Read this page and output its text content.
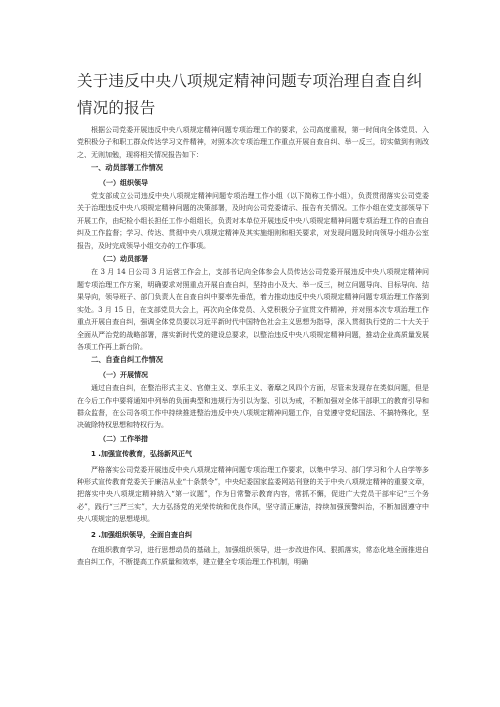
关于违反中央八项规定精神问题专项治理自查自纠情况的报告

根据公司党委开展违反中央八项规定精神问题专项治理工作的要求，公司高度重视，第一时间向全体党员、入党积极分子和职工群众传达学习文件精神，对照本次专项治理工作重点开展自查自纠、举一反三，切实做到有则改之、无则加勉，现将相关情况报告如下：

一、动员部署工作情况
（一）组织领导

党支部成立公司违反中央八项规定精神问题专项治理工作小组（以下简称工作小组），负责贯彻落实公司党委关于治理违反中央八项规定精神问题的决策部署，及时向公司党委请示、报告有关情况。工作小组在党支部领导下开展工作，由纪检小组长担任工作小组组长，负责对本单位开展违反中央八项规定精神问题专项治理工作的自查自纠及工作监督；学习、传达、贯彻中央八项规定精神及其实施细则和相关要求，对发现问题及时向领导小组办公室报告，及时完成领导小组交办的工作事项。

（二）动员部署

在 3 月 14 日公司 3 月运营工作会上，支部书记向全体参会人员传达公司党委开展违反中央八项规定精神问题专项治理工作方案，明确要求对照重点开展自查自纠，坚持由小及大、举一反三，树立问题导向、目标导向、结果导向，领导班子、部门负责人在自查自纠中要率先垂范，着力推动违反中央八项规定精神问题专项治理工作落到实处。3 月 15 日，在支部党员大会上，再次向全体党员、入党积极分子宣贯文件精神，并对照本次专项治理工作重点开展自查自纠，强调全体党员要以习近平新时代中国特色社会主义思想为指导，深入贯彻执行党的二十大关于全面从严治党的战略部署，落实新时代党的建设总要求，以整治违反中央八项规定精神问题，推动企业高质量发展各项工作再上新台阶。

二、自查自纠工作情况
（一）开展情况

通过自查自纠，在整治形式主义、官僚主义、享乐主义、奢靡之风四个方面，尽管未发现存在类似问题，但是在今后工作中要将通知中列举的负面典型和违规行为引以为鉴、引以为戒，不断加强对全体干部职工的教育引导和群众监督，在公司各项工作中持续推进整治违反中央八项规定精神问题工作，自觉遵守党纪国法、不搞特殊化，坚决破除特权思想和特权行为。

（二）工作举措
1 .加强宣传教育，弘扬新风正气

严格落实公司党委开展违反中央八项规定精神问题专项治理工作要求，以集中学习、部门学习和个人自学等多种形式宣传教育党委关于廉洁从业“十条禁令”，中央纪委国家监委网站刊登的关于中央八项规定精神的重要文章，把落实中央八项规定精神纳入“第一议题”，作为日常警示教育内容，常抓不懈，促进广大党员干部牢记“三个务必”，践行“三严三实”，大力弘扬党的光荣传统和优良作风，坚守清正廉洁，持续加强预警纠治，不断加固遵守中央八项规定的思想堤坝。

2 .加强组织领导，全面自查自纠

在组织教育学习，进行思想动员的基础上，加强组织领导，进一步改进作风、狠抓落实，常态化地全面推进自查自纠工作，不断提高工作质量和效率，建立健全专项治理工作机制，明确
